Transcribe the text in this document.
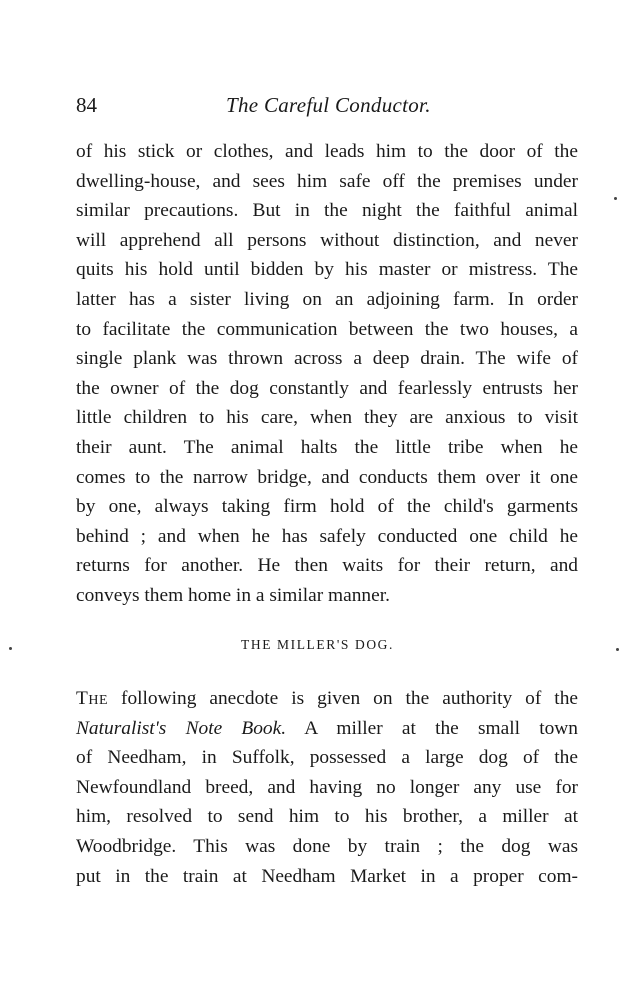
84	The Careful Conductor.
of his stick or clothes, and leads him to the door of the
dwelling-house, and sees him safe off the premises under
similar precautions. But in the night the faithful animal
will apprehend all persons without distinction, and never
quits his hold until bidden by his master or mistress. The
latter has a sister living on an adjoining farm. In order
to facilitate the communication between the two houses, a
single plank was thrown across a deep drain. The wife of
the owner of the dog constantly and fearlessly entrusts her
little children to his care, when they are anxious to visit
their aunt. The animal halts the little tribe when he
comes to the narrow bridge, and conducts them over it one
by one, always taking firm hold of the child's garments
behind ; and when he has safely conducted one child he
returns for another. He then waits for their return, and
conveys them home in a similar manner.
THE MILLER'S DOG.
The following anecdote is given on the authority of the
Naturalist's Note Book. A miller at the small town
of Needham, in Suffolk, possessed a large dog of the
Newfoundland breed, and having no longer any use for
him, resolved to send him to his brother, a miller at
Woodbridge. This was done by train ; the dog was
put in the train at Needham Market in a proper com-
